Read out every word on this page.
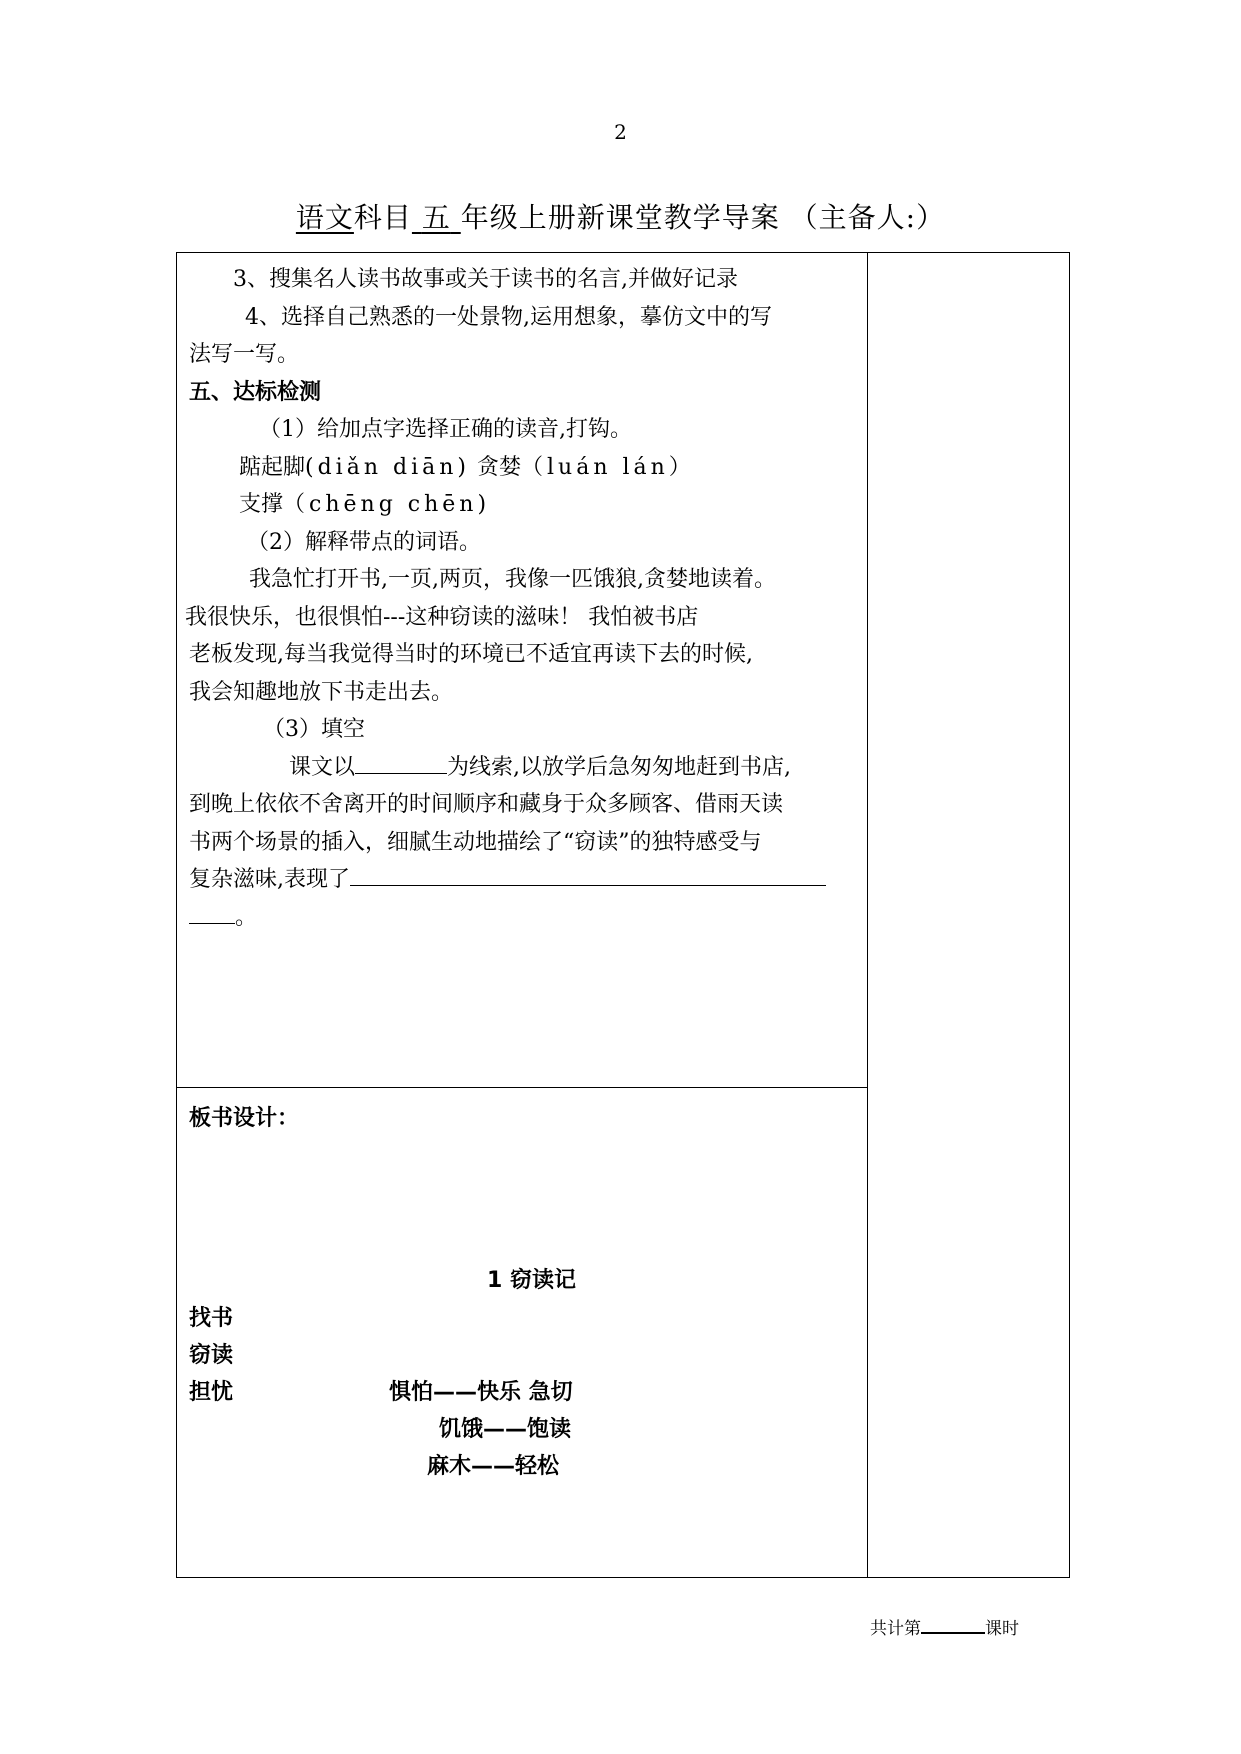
2
语文科目 五 年级上册新课堂教学导案 （主备人:）

3、搜集名人读书故事或关于读书的名言,并做好记录

4、选择自己熟悉的一处景物,运用想象，摹仿文中的写

法写一写。

五、达标检测

（1）给加点字选择正确的读音,打钩。

踮起脚(diǎn diān) 贪婪（luán lán）

支撑（chēng chēn)

（2）解释带点的词语。

我急忙打开书,一页,两页，我像一匹饿狼,贪婪地读着。

我很快乐，也很惧怕---这种窃读的滋味！ 我怕被书店

老板发现,每当我觉得当时的环境已不适宜再读下去的时候,

我会知趣地放下书走出去。

（3）填空

课文以	为线索,以放学后急匆匆地赶到书店,

到晚上依依不舍离开的时间顺序和藏身于众多顾客、借雨天读

书两个场景的插入，细腻生动地描绘了“窃读”的独特感受与

复杂滋味,表现了

。

板书设计：
1 窃读记
找书
窃读
担忧	惧怕——快乐 急切
饥饿——饱读
麻木——轻松
共计第	课时
